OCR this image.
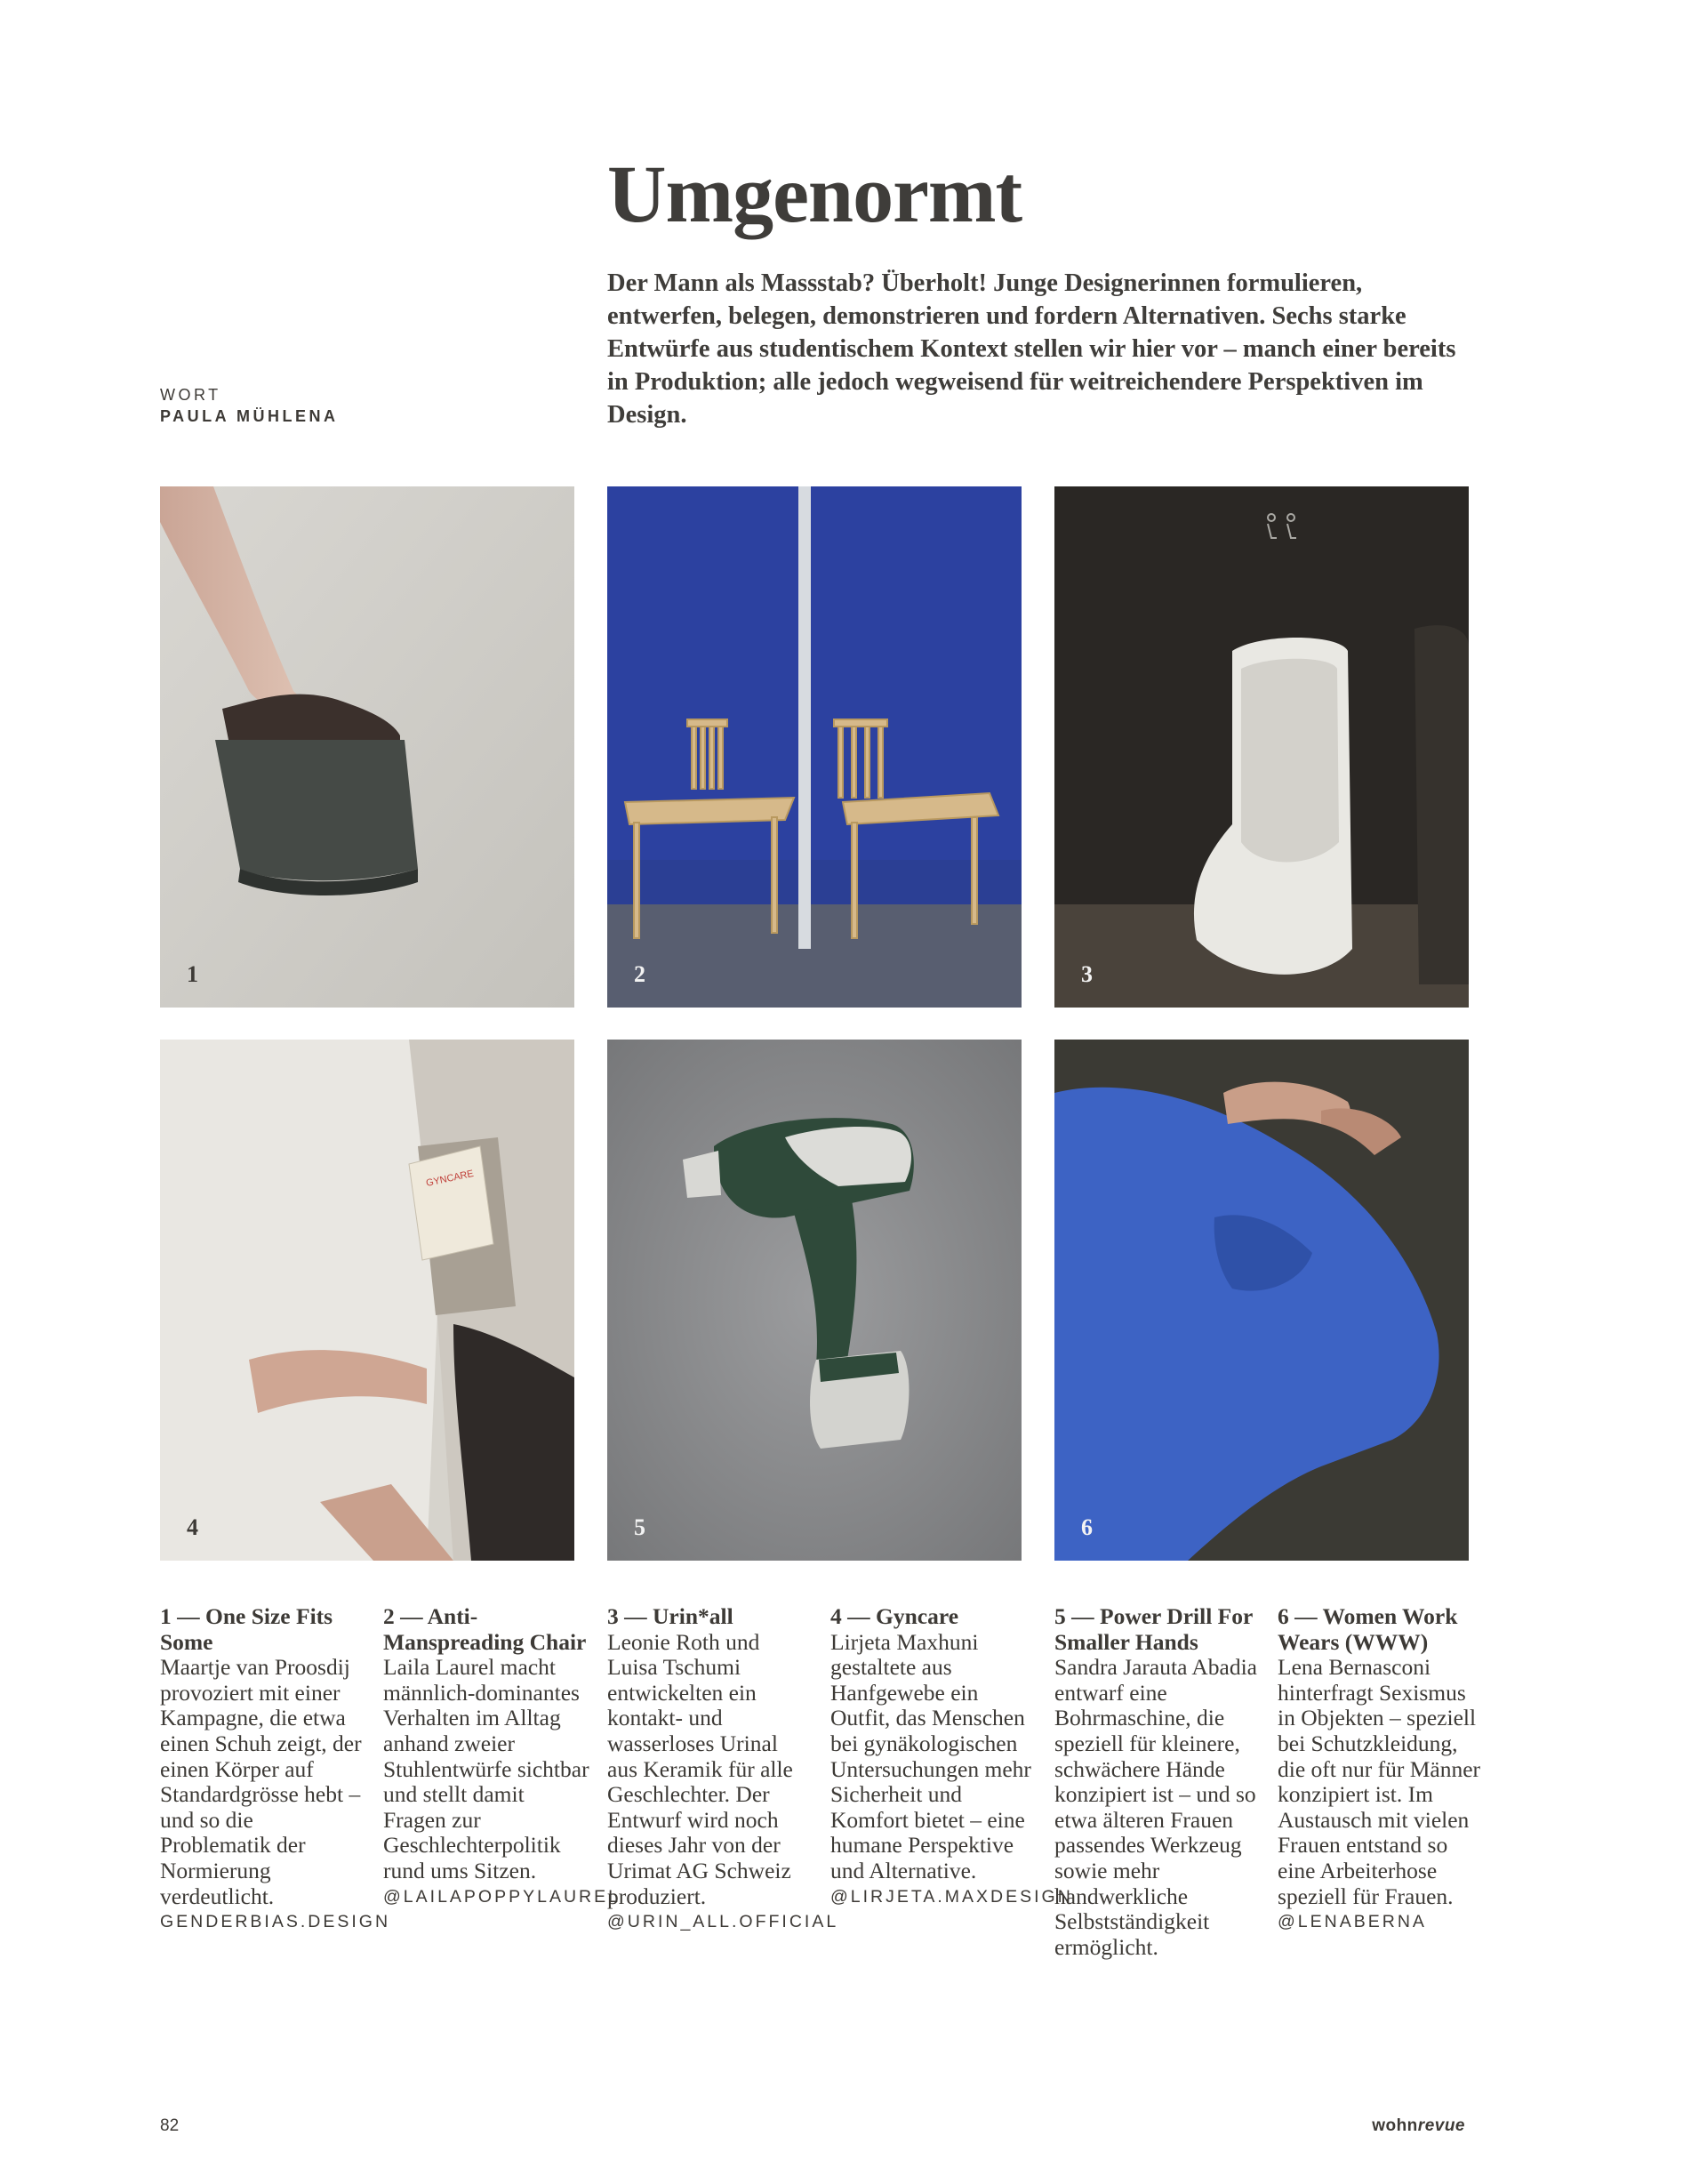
Umgenormt

Der Mann als Massstab? Überholt! Junge Designerinnen formulieren, entwerfen, belegen, demonstrieren und fordern Alternativen. Sechs starke Entwürfe aus studentischem Kontext stellen wir hier vor – manch einer bereits in Produktion; alle jedoch wegweisend für weitreichendere Perspektiven im Design.

WORT
PAULA MÜHLENA
1	2	3
GYNCARE
4	5	6
1 — One Size Fits Some
Maartje van Proosdij provoziert mit einer Kampagne, die etwa einen Schuh zeigt, der einen Körper auf Standardgrösse hebt – und so die Problematik der Normierung verdeutlicht.
GENDERBIAS.DESIGN
2 — Anti-Manspreading Chair
Laila Laurel macht männlich-dominantes Verhalten im Alltag anhand zweier Stuhlentwürfe sichtbar und stellt damit Fragen zur Geschlechterpolitik rund ums Sitzen.
@LAILAPOPPYLAUREL
3 — Urin*all
Leonie Roth und Luisa Tschumi entwickelten ein kontakt- und wasserloses Urinal aus Keramik für alle Geschlechter. Der Entwurf wird noch dieses Jahr von der Urimat AG Schweiz produziert.
@URIN_ALL.OFFICIAL
4 — Gyncare
Lirjeta Maxhuni gestaltete aus Hanfgewebe ein Outfit, das Menschen bei gynäkologischen Untersuchungen mehr Sicherheit und Komfort bietet – eine humane Perspektive und Alternative.
@LIRJETA.MAXDESIGN
5 — Power Drill For Smaller Hands
Sandra Jarauta Abadia entwarf eine Bohrmaschine, die speziell für kleinere, schwächere Hände konzipiert ist – und so etwa älteren Frauen passendes Werkzeug sowie mehr handwerkliche Selbstständigkeit ermöglicht.
6 — Women Work Wears (WWW)
Lena Bernasconi hinterfragt Sexismus in Objekten – speziell bei Schutzkleidung, die oft nur für Männer konzipiert ist. Im Austausch mit vielen Frauen entstand so eine Arbeiterhose speziell für Frauen.
@LENABERNA
82	wohnrevue
